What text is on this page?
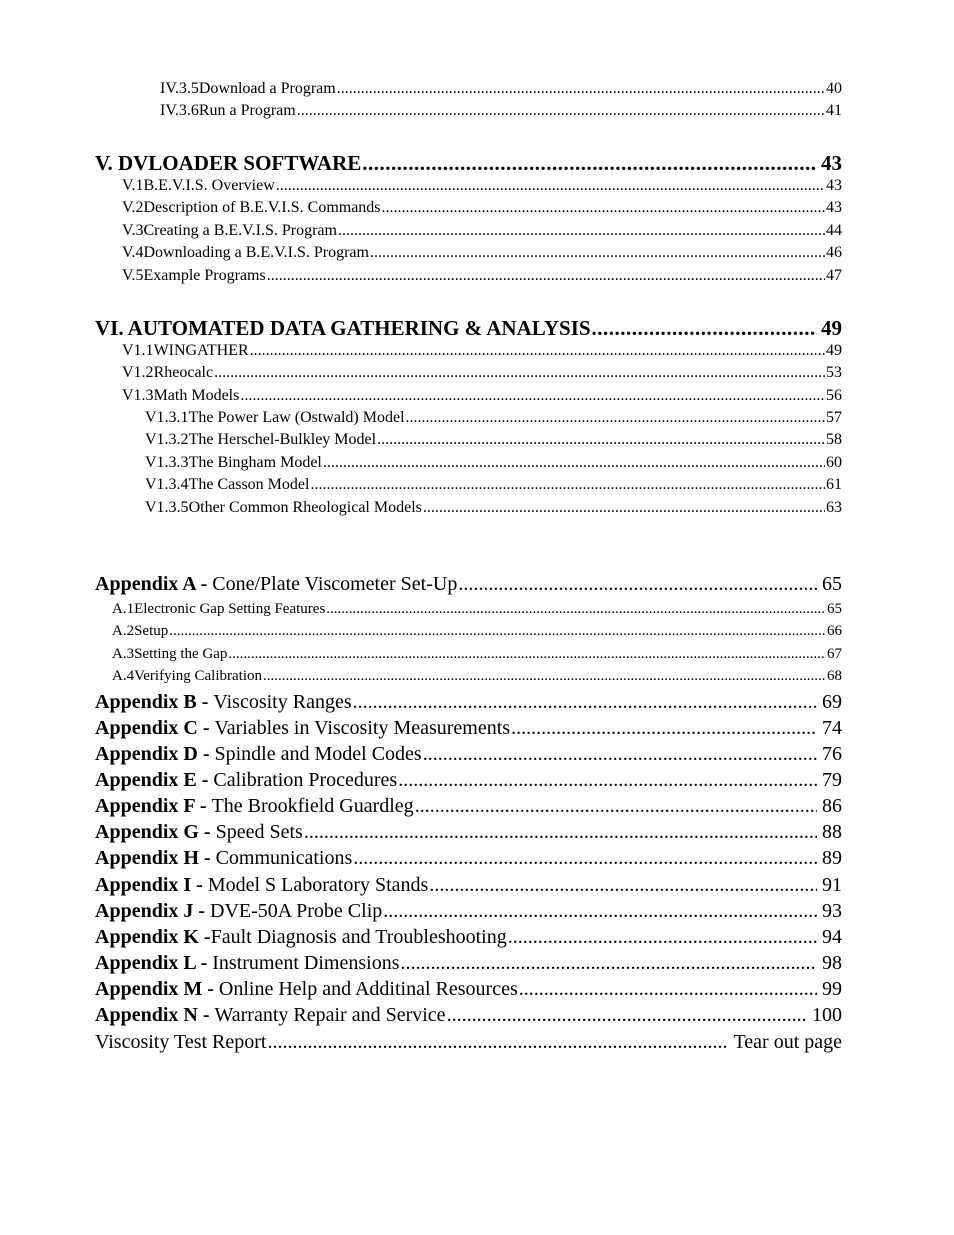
IV.3.5 Download a Program .....	40
IV.3.6 Run a Program .....	41
V. DVLOADER SOFTWARE .....	43
V.1 B.E.V.I.S. Overview .....	43
V.2 Description of B.E.V.I.S. Commands .....	43
V.3 Creating a B.E.V.I.S. Program .....	44
V.4 Downloading a B.E.V.I.S. Program .....	46
V.5 Example Programs .....	47
VI. AUTOMATED DATA GATHERING & ANALYSIS .....	49
V1.1 WINGATHER .....	49
V1.2 Rheocalc .....	53
V1.3 Math Models .....	56
V1.3.1 The Power Law (Ostwald) Model .....	57
V1.3.2 The Herschel-Bulkley Model .....	58
V1.3.3 The Bingham Model .....	60
V1.3.4 The Casson Model .....	61
V1.3.5 Other Common Rheological Models .....	63
Appendix A - Cone/Plate Viscometer Set-Up .....	65
A.1 Electronic Gap Setting Features .....	65
A.2 Setup .....	66
A.3 Setting the Gap .....	67
A.4 Verifying Calibration .....	68
Appendix B - Viscosity Ranges .....	69
Appendix C - Variables in Viscosity Measurements .....	74
Appendix D - Spindle and Model Codes .....	76
Appendix E - Calibration Procedures .....	79
Appendix F - The Brookfield Guardleg .....	86
Appendix G - Speed Sets .....	88
Appendix H - Communications .....	89
Appendix I - Model S Laboratory Stands .....	91
Appendix J - DVE-50A Probe Clip .....	93
Appendix K -Fault Diagnosis and Troubleshooting .....	94
Appendix L - Instrument Dimensions .....	98
Appendix M - Online Help and Additinal Resources .....	99
Appendix N - Warranty Repair and Service .....	100
Viscosity Test Report .....	Tear out page
